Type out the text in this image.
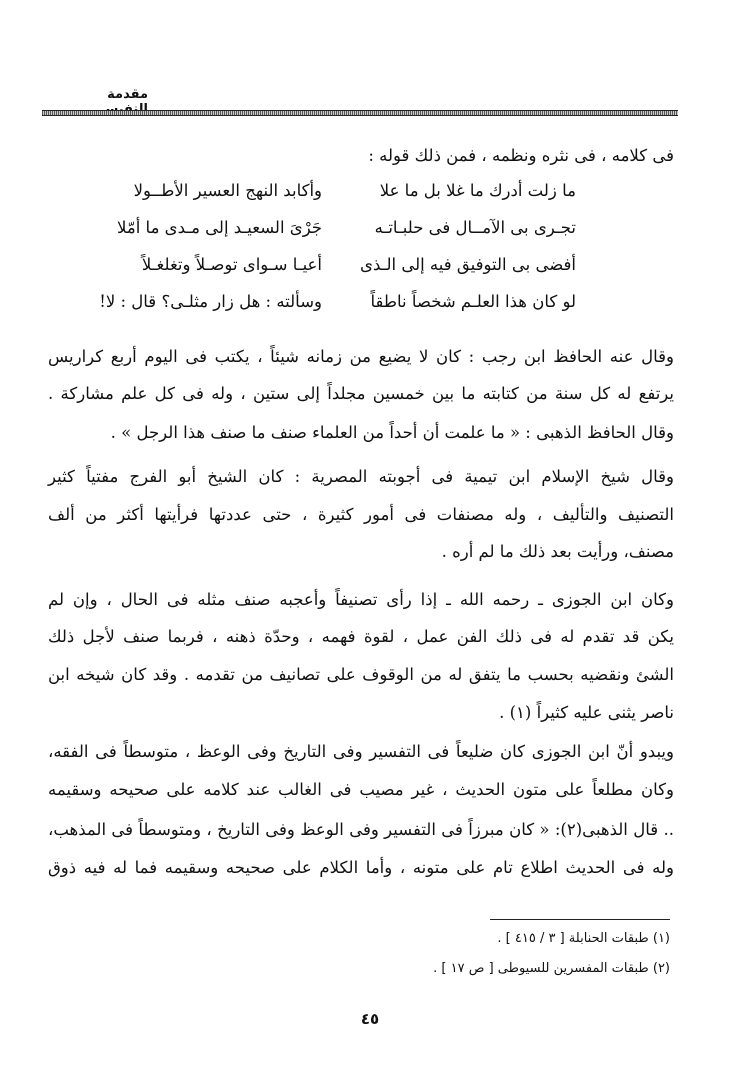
مقدمة
فى كلامه ، فى نثره ونظمه ، فمن ذلك قوله :
ما زلت أدرك ما غلا بل ما علا
وأكابد النهج العسير الأطــولا
تجـرى بى الآمــال فى حلبـاتـه
جَرْىَ السعيـد إلى مـدى ما أمّلا
أفضى بى التوفيق فيه إلى الـذى
أعيـا سـواى توصـلاً وتغلغـلاً
لو كان هذا العلـم شخصاً ناطقاً
وسألته : هل زار مثلـى؟ قال : لا!
وقال عنه الحافظ ابن رجب : كان لا يضيع من زمانه شيئاً ، يكتب فى اليوم أربع كراريس
يرتفع له كل سنة من كتابته ما بين خمسين مجلداً إلى ستين ، وله فى كل علم مشاركة .
وقال الحافظ الذهبى : « ما علمت أن أحداً من العلماء صنف ما صنف هذا الرجل » .
وقال شيخ الإسلام ابن تيمية فى أجوبته المصرية : كان الشيخ أبو الفرج مفتياً كثير
التصنيف والتأليف ، وله مصنفات فى أمور كثيرة ، حتى عددتها فرأيتها أكثر من ألف
مصنف، ورأيت بعد ذلك ما لم أره .
وكان ابن الجوزى ـ رحمه الله ـ إذا رأى تصنيفاً وأعجبه صنف مثله فى الحال ، وإن لم
يكن قد تقدم له فى ذلك الفن عمل ، لقوة فهمه ، وحدّة ذهنه ، فربما صنف لأجل ذلك
الشئ ونقضيه بحسب ما يتفق له من الوقوف على تصانيف من تقدمه . وقد كان شيخه ابن
ناصر يثنى عليه كثيراً (١) .
ويبدو أنّ ابن الجوزى كان ضليعاً فى التفسير وفى التاريخ وفى الوعظ ، متوسطاً فى الفقه،
وكان مطلعاً على متون الحديث ، غير مصيب فى الغالب عند كلامه على صحيحه وسقيمه
.. قال الذهبى(٢): « كان مبرزاً فى التفسير وفى الوعظ وفى التاريخ ، ومتوسطاً فى المذهب،
وله فى الحديث اطلاع تام على متونه ، وأما الكلام على صحيحه وسقيمه فما له فيه ذوق
(١) طبقات الحنابلة [ ٣ / ٤١٥ ] .
(٢) طبقات المفسرين للسيوطى [ ص ١٧ ] .
٤٥
